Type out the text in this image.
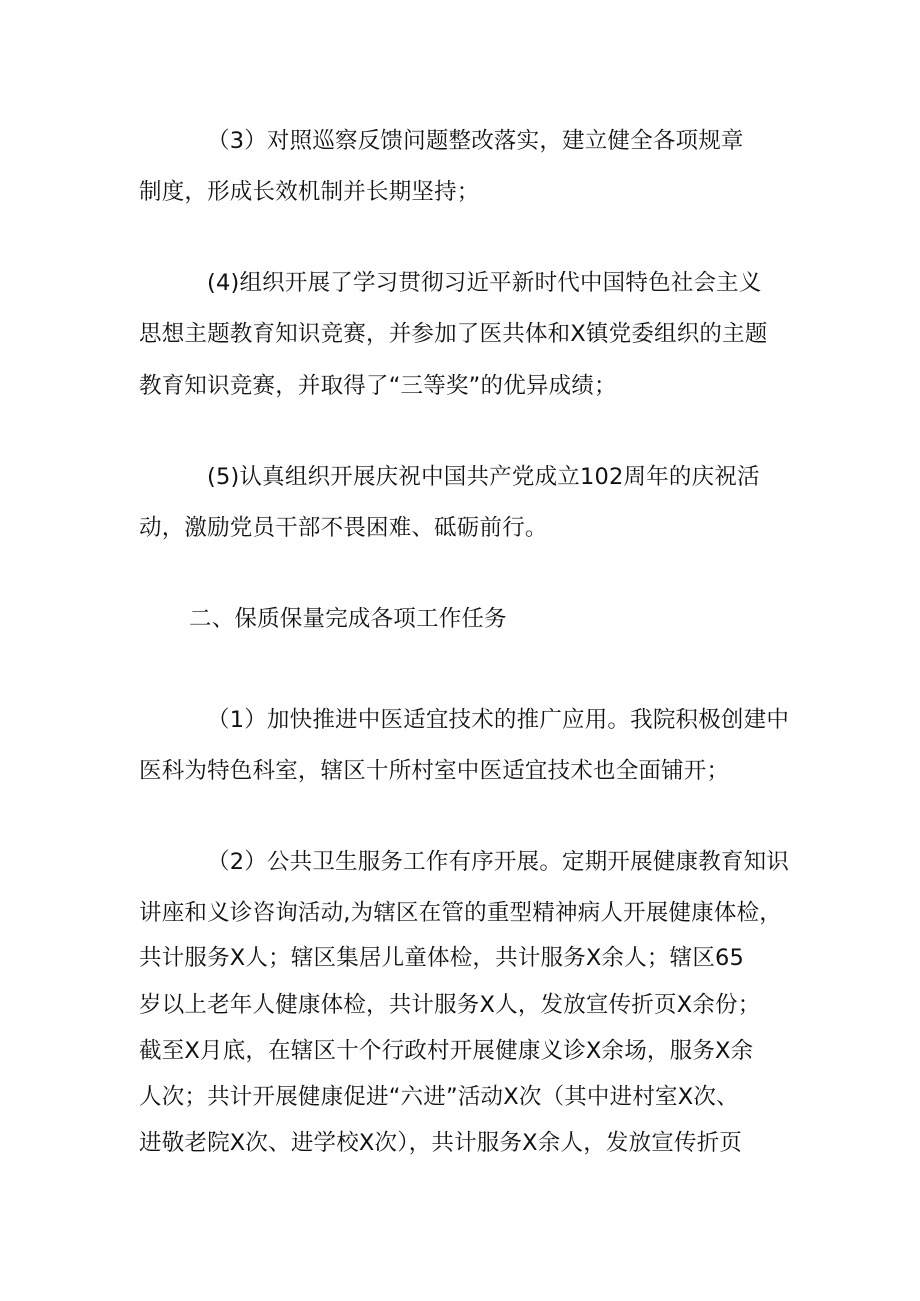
（3）对照巡察反馈问题整改落实，建立健全各项规章
制度，形成长效机制并长期坚持；
(4)组织开展了学习贯彻习近平新时代中国特色社会主义
思想主题教育知识竞赛，并参加了医共体和X镇党委组织的主题
教育知识竞赛，并取得了“三等奖”的优异成绩；
(5)认真组织开展庆祝中国共产党成立102周年的庆祝活
动，激励党员干部不畏困难、砥砺前行。
二、保质保量完成各项工作任务
（1）加快推进中医适宜技术的推广应用。我院积极创建中
医科为特色科室，辖区十所村室中医适宜技术也全面铺开；
（2）公共卫生服务工作有序开展。定期开展健康教育知识
讲座和义诊咨询活动,为辖区在管的重型精神病人开展健康体检，
共计服务X人；辖区集居儿童体检，共计服务X余人；辖区65
岁以上老年人健康体检，共计服务X人，发放宣传折页X余份；
截至X月底，在辖区十个行政村开展健康义诊X余场，服务X余
人次；共计开展健康促进“六进”活动X次（其中进村室X次、
进敬老院X次、进学校X次），共计服务X余人，发放宣传折页
